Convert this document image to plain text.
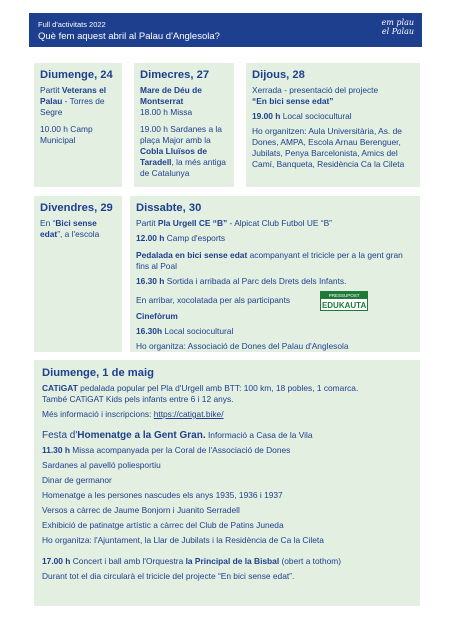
Full d'activitats 2022
Què fem aquest abril al Palau d'Anglesola?
em plau
el Palau
Diumenge, 24
Partit Veterans el Palau - Torres de Segre
10.00 h Camp Municipal
Dimecres, 27
Mare de Déu de Montserrat
18.00 h Missa
19.00 h Sardanes a la plaça Major amb la Cobla Lluïsos de Taradell, la més antiga de Catalunya
Dijous, 28
Xerrada - presentació del projecte
“En bici sense edat”
19.00 h Local sociocultural
Ho organitzen: Aula Universitària, As. de Dones, AMPA, Escola Arnau Berenguer, Jubilats, Penya Barcelonista, Amics del Camí, Banqueta, Residència Ca la Cileta
Divendres, 29
En “Bici sense edat”, a l'escola
Dissabte, 30
Partit Pla Urgell CE “B” - Alpicat Club Futbol UE “B”
12.00 h Camp d'esports
Pedalada en bici sense edat acompanyant el tricicle per a la gent gran fins al Poal
16.30 h Sortida i arribada al Parc dels Drets dels Infants.
En arribar, xocolatada per als participants	PRESSUPOST
EDUKAUTA
Cinefòrum
16.30h Local sociocultural
Ho organitza: Associació de Dones del Palau d'Anglesola
Diumenge, 1 de maig
CATiGAT pedalada popular pel Pla d'Urgell amb BTT: 100 km, 18 pobles, 1 comarca.
També CATiGAT Kids pels infants entre 6 i 12 anys.
Més informació i inscripcions: https://catigat.bike/
Festa d'Homenatge a la Gent Gran. Informació a Casa de la Vila
11.30 h Missa acompanyada per la Coral de l'Associació de Dones
Sardanes al pavelló poliesportiu
Dinar de germanor
Homenatge a les persones nascudes els anys 1935, 1936 i 1937
Versos a càrrec de Jaume Bonjorn i Juanito Serradell
Exhibició de patinatge artístic a càrrec del Club de Patins Juneda
Ho organitza: l'Ajuntament, la Llar de Jubilats i la Residència de Ca la Cileta
17.00 h Concert i ball amb l'Orquestra la Principal de la Bisbal (obert a tothom)
Durant tot el dia circularà el tricicle del projecte “En bici sense edat”.
